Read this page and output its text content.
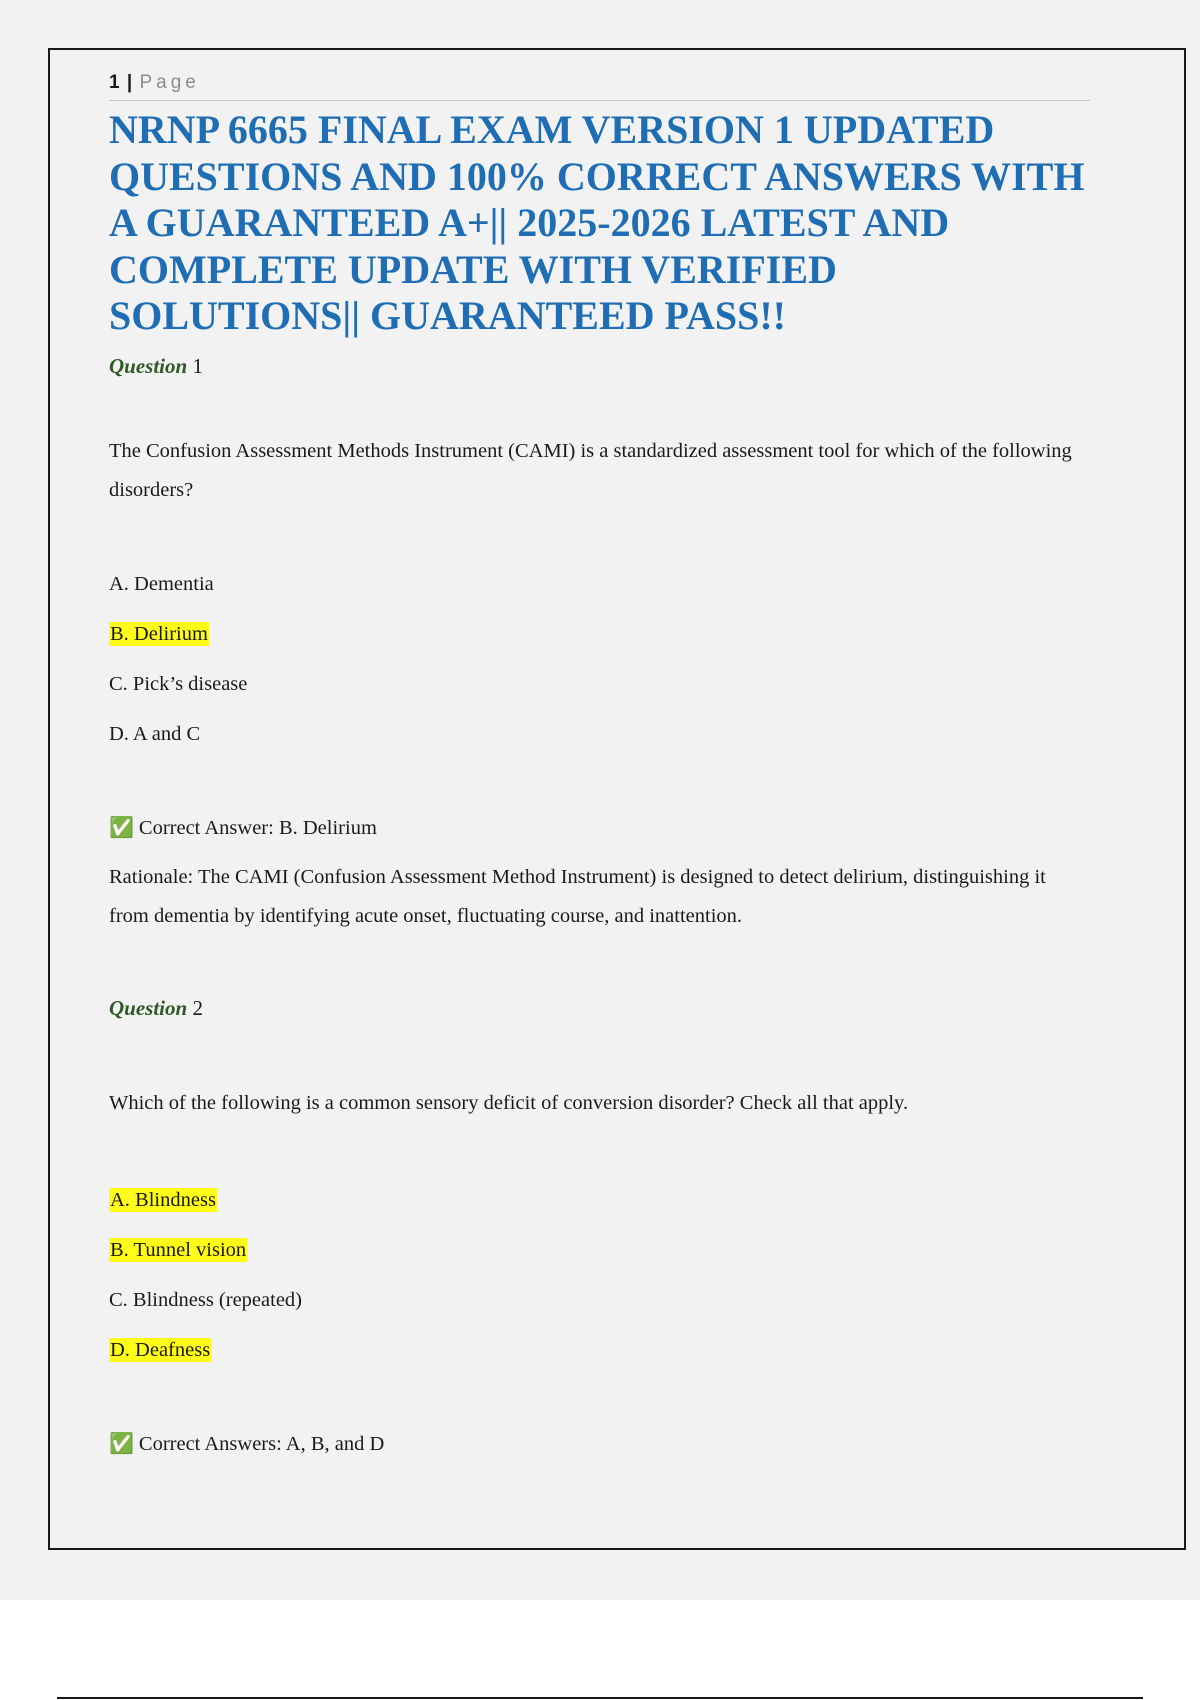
1 | Page
NRNP 6665 FINAL EXAM VERSION 1 UPDATED QUESTIONS AND 100% CORRECT ANSWERS WITH A GUARANTEED A+|| 2025-2026 LATEST AND COMPLETE UPDATE WITH VERIFIED SOLUTIONS|| GUARANTEED PASS!!
Question 1
The Confusion Assessment Methods Instrument (CAMI) is a standardized assessment tool for which of the following disorders?
A. Dementia
B. Delirium
C. Pick’s disease
D. A and C
✅ Correct Answer: B. Delirium
Rationale: The CAMI (Confusion Assessment Method Instrument) is designed to detect delirium, distinguishing it from dementia by identifying acute onset, fluctuating course, and inattention.
Question 2
Which of the following is a common sensory deficit of conversion disorder? Check all that apply.
A. Blindness
B. Tunnel vision
C. Blindness (repeated)
D. Deafness
✅ Correct Answers: A, B, and D
